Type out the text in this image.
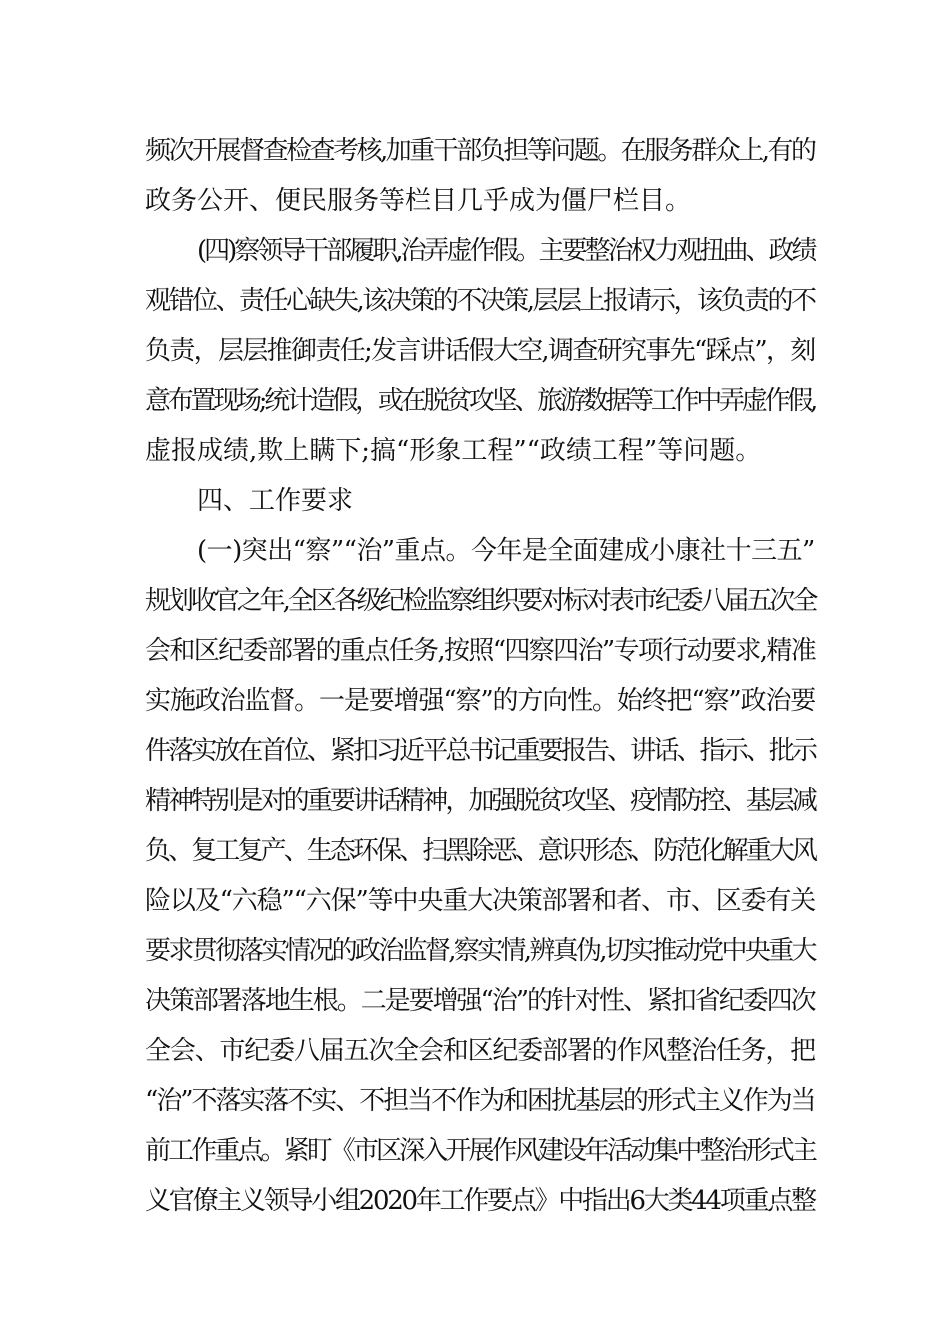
频次开展督查检查考核,加重干部负担等问题。在服务群众上,有的
政务公开、便民服务等栏目几乎成为僵尸栏目。
(四)察领导干部履职,治弄虚作假。主要整治权力观扭曲、政绩
观错位、责任心缺失,该决策的不决策,层层上报请示，该负责的不
负责，层层推御责任;发言讲话假大空,调查研究事先“踩点”，刻
意布置现场;统计造假，或在脱贫攻坚、旅游数据等工作中弄虚作假,
虚报成绩,欺上瞒下;搞“形象工程”“政绩工程”等问题。
四、工作要求
(一)突出“察”“治”重点。今年是全面建成小康社十三五”
规划收官之年,全区各级纪检监察组织要对标对表市纪委八届五次全
会和区纪委部署的重点任务,按照“四察四治”专项行动要求,精准
实施政治监督。一是要增强“察”的方向性。始终把“察”政治要
件落实放在首位、紧扣习近平总书记重要报告、讲话、指示、批示
精神特别是对的重要讲话精神，加强脱贫攻坚、疫情防控、基层减
负、复工复产、生态环保、扫黑除恶、意识形态、防范化解重大风
险以及“六稳”“六保”等中央重大决策部署和者、市、区委有关
要求贯彻落实情况的政治监督,察实情,辨真伪,切实推动党中央重大
决策部署落地生根。二是要增强“治”的针对性、紧扣省纪委四次
全会、市纪委八届五次全会和区纪委部署的作风整治任务，把
“治”不落实落不实、不担当不作为和困扰基层的形式主义作为当
前工作重点。紧盯《市区深入开展作风建设年活动集中整治形式主
义官僚主义领导小组2020年工作要点》中指出6大类44项重点整
